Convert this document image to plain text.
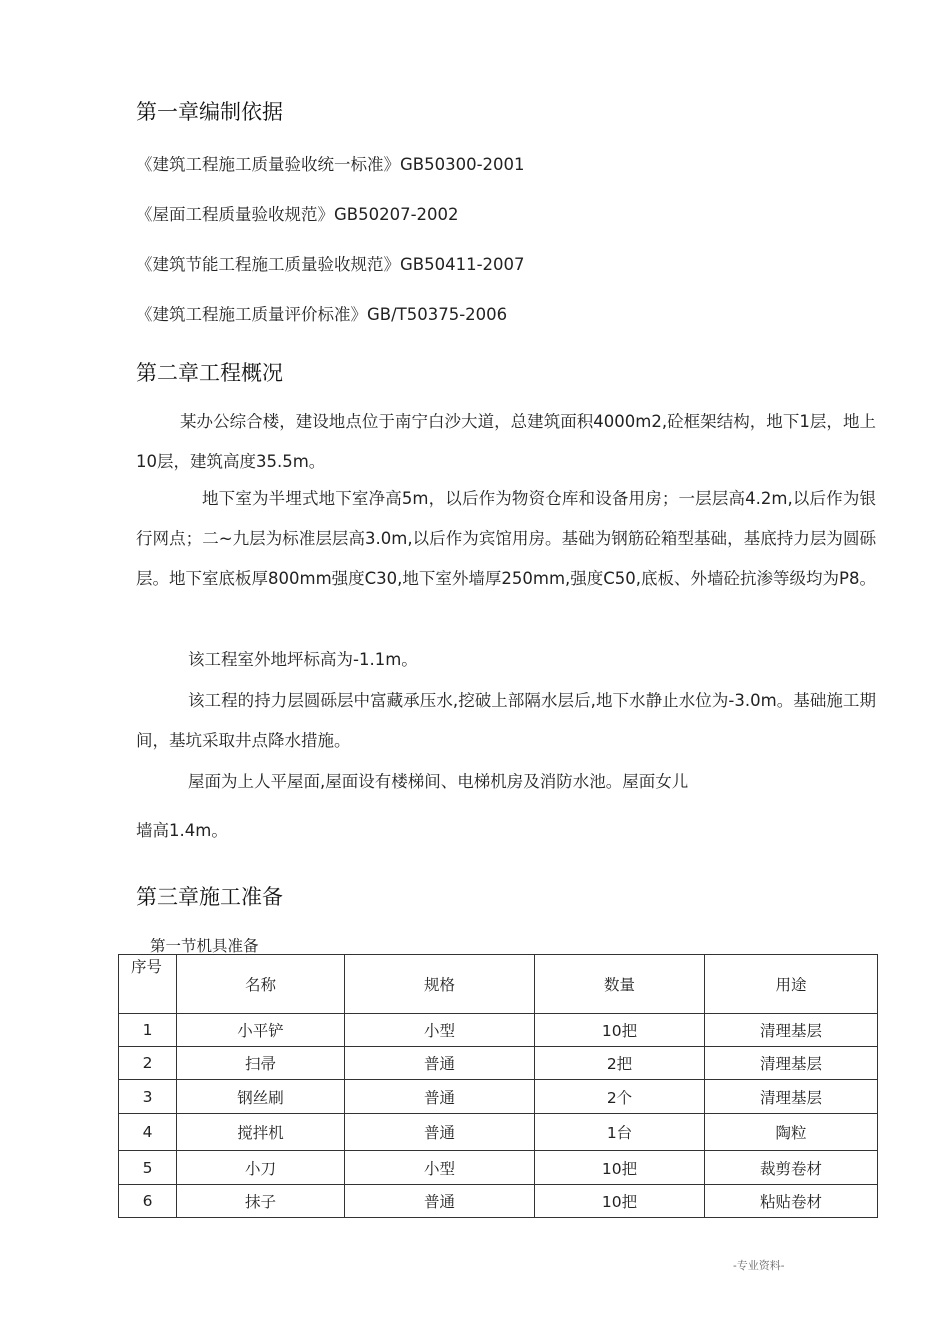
第一章编制依据

《建筑工程施工质量验收统一标准》GB50300-2001

《屋面工程质量验收规范》GB50207-2002

《建筑节能工程施工质量验收规范》GB50411-2007

《建筑工程施工质量评价标准》GB/T50375-2006

第二章工程概况

某办公综合楼，建设地点位于南宁白沙大道，总建筑面积4000m2,砼框架结构，地下1层，地上10层，建筑高度35.5m。

地下室为半埋式地下室净高5m，以后作为物资仓库和设备用房；一层层高4.2m,以后作为银行网点；二~九层为标准层层高3.0m,以后作为宾馆用房。基础为钢筋砼箱型基础，基底持力层为圆砾层。地下室底板厚800mm强度C30,地下室外墙厚250mm,强度C50,底板、外墙砼抗渗等级均为P8。

该工程室外地坪标高为-1.1m。

该工程的持力层圆砾层中富藏承压水,挖破上部隔水层后,地下水静止水位为-3.0m。基础施工期间，基坑采取井点降水措施。

屋面为上人平屋面,屋面设有楼梯间、电梯机房及消防水池。屋面女儿

墙高1.4m。

第三章施工准备

第一节机具准备

序号	名称	规格	数量	用途
1	小平铲	小型	10把	清理基层
2	扫帚	普通	2把	清理基层
3	钢丝刷	普通	2个	清理基层
4	搅拌机	普通	1台	陶粒
5	小刀	小型	10把	裁剪卷材
6	抹子	普通	10把	粘贴卷材
-专业资料-
